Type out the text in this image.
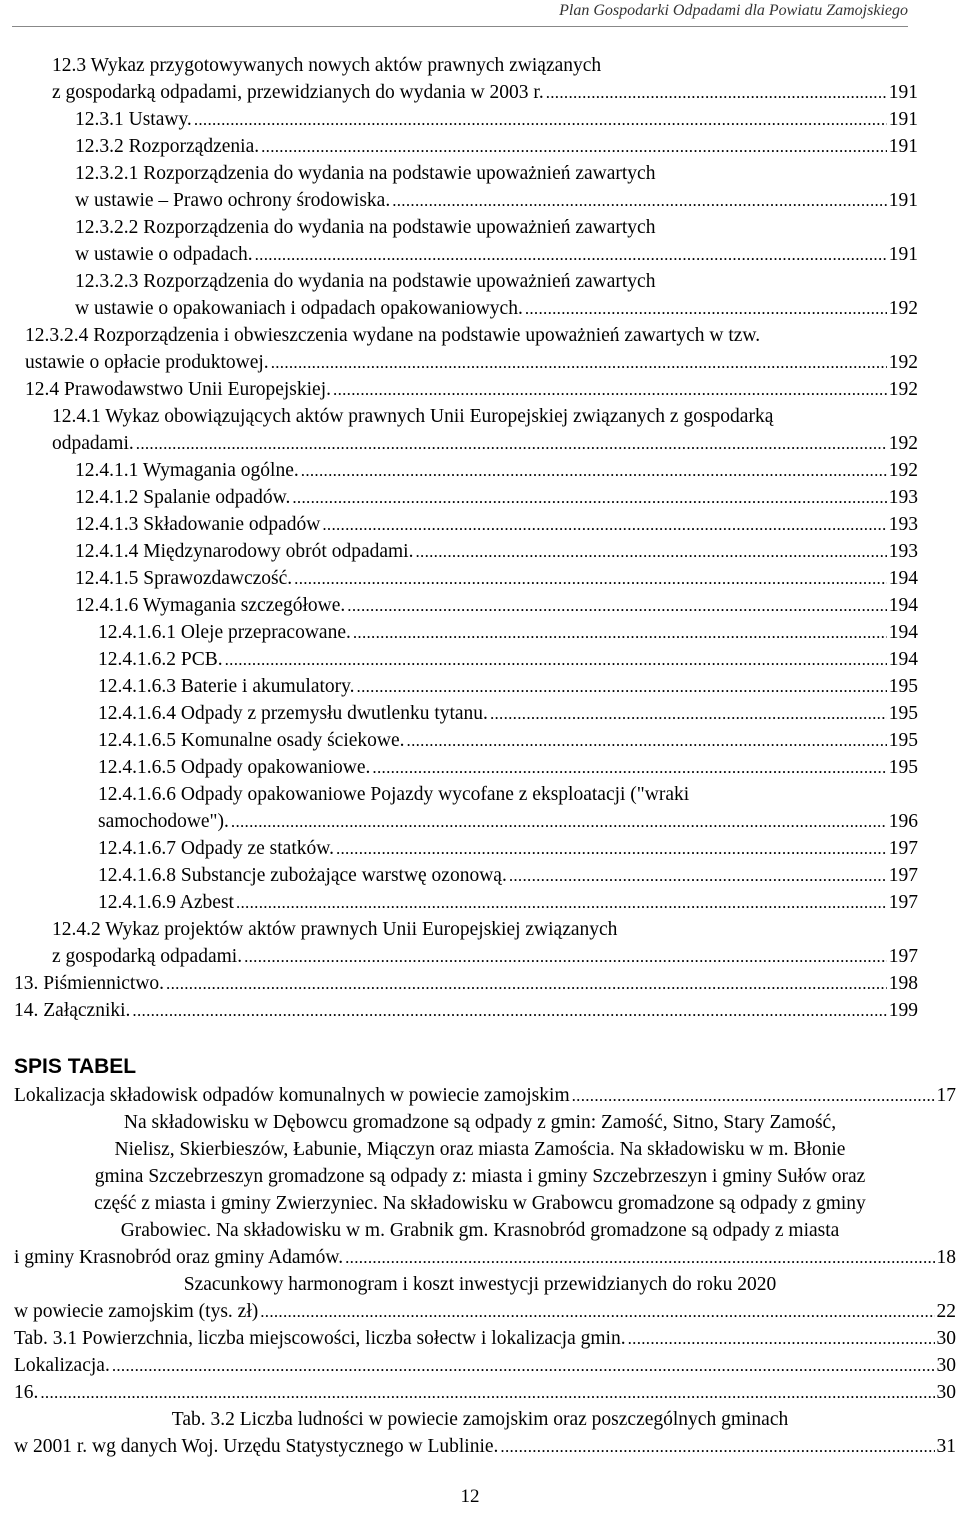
Plan Gospodarki Odpadami dla Powiatu Zamojskiego
12.3 Wykaz przygotowywanych nowych aktów prawnych związanych
z gospodarką odpadami, przewidzianych do wydania w 2003 r. .....	191
12.3.1 Ustawy. .....	191
12.3.2 Rozporządzenia. .....	191
12.3.2.1 Rozporządzenia do wydania na podstawie upoważnień zawartych
w ustawie – Prawo ochrony środowiska. .....	191
12.3.2.2 Rozporządzenia do wydania na podstawie upoważnień zawartych
w ustawie o odpadach. .....	191
12.3.2.3 Rozporządzenia do wydania na podstawie upoważnień zawartych
w ustawie o opakowaniach i odpadach opakowaniowych. .....	192
12.3.2.4 Rozporządzenia i obwieszczenia wydane na podstawie upoważnień zawartych w tzw.
ustawie o opłacie produktowej. .....	192
12.4 Prawodawstwo Unii Europejskiej. .....	192
12.4.1 Wykaz obowiązujących aktów prawnych Unii Europejskiej związanych z gospodarką
odpadami. .....	192
12.4.1.1 Wymagania ogólne. .....	192
12.4.1.2 Spalanie odpadów. .....	193
12.4.1.3 Składowanie odpadów .....	193
12.4.1.4 Międzynarodowy obrót odpadami. .....	193
12.4.1.5 Sprawozdawczość. .....	194
12.4.1.6 Wymagania szczegółowe. .....	194
12.4.1.6.1 Oleje przepracowane. .....	194
12.4.1.6.2 PCB. .....	194
12.4.1.6.3 Baterie i akumulatory. .....	195
12.4.1.6.4 Odpady z przemysłu dwutlenku tytanu. .....	195
12.4.1.6.5 Komunalne osady ściekowe. .....	195
12.4.1.6.5 Odpady opakowaniowe. .....	195
12.4.1.6.6 Odpady opakowaniowe Pojazdy wycofane z eksploatacji ("wraki
samochodowe"). .....	196
12.4.1.6.7 Odpady ze statków. .....	197
12.4.1.6.8 Substancje zubożające warstwę ozonową. .....	197
12.4.1.6.9 Azbest .....	197
12.4.2 Wykaz projektów aktów prawnych Unii Europejskiej związanych
z gospodarką odpadami. .....	197
13. Piśmiennictwo. .....	198
14. Załączniki. .....	199
SPIS TABEL
Lokalizacja składowisk odpadów komunalnych w powiecie zamojskim .....	17
Na składowisku w Dębowcu gromadzone są odpady z gmin: Zamość, Sitno, Stary Zamość,
Nielisz, Skierbieszów, Łabunie, Miączyn oraz miasta Zamościa. Na składowisku w m. Błonie
gmina Szczebrzeszyn gromadzone są odpady z: miasta i gminy Szczebrzeszyn i gminy Sułów oraz
część z miasta i gminy Zwierzyniec. Na składowisku w Grabowcu gromadzone są odpady z gminy
Grabowiec. Na składowisku w m. Grabnik gm. Krasnobród gromadzone są odpady z miasta
i gminy Krasnobród oraz gminy Adamów. .....	18
Szacunkowy harmonogram i koszt inwestycji przewidzianych do roku 2020
w powiecie zamojskim (tys. zł) .....	22
Tab. 3.1 Powierzchnia, liczba miejscowości, liczba sołectw i lokalizacja gmin. .....	30
Lokalizacja. .....	30
16. .....	30
Tab. 3.2 Liczba ludności w powiecie zamojskim oraz poszczególnych gminach
w 2001 r. wg danych Woj. Urzędu Statystycznego w Lublinie. .....	31
12
